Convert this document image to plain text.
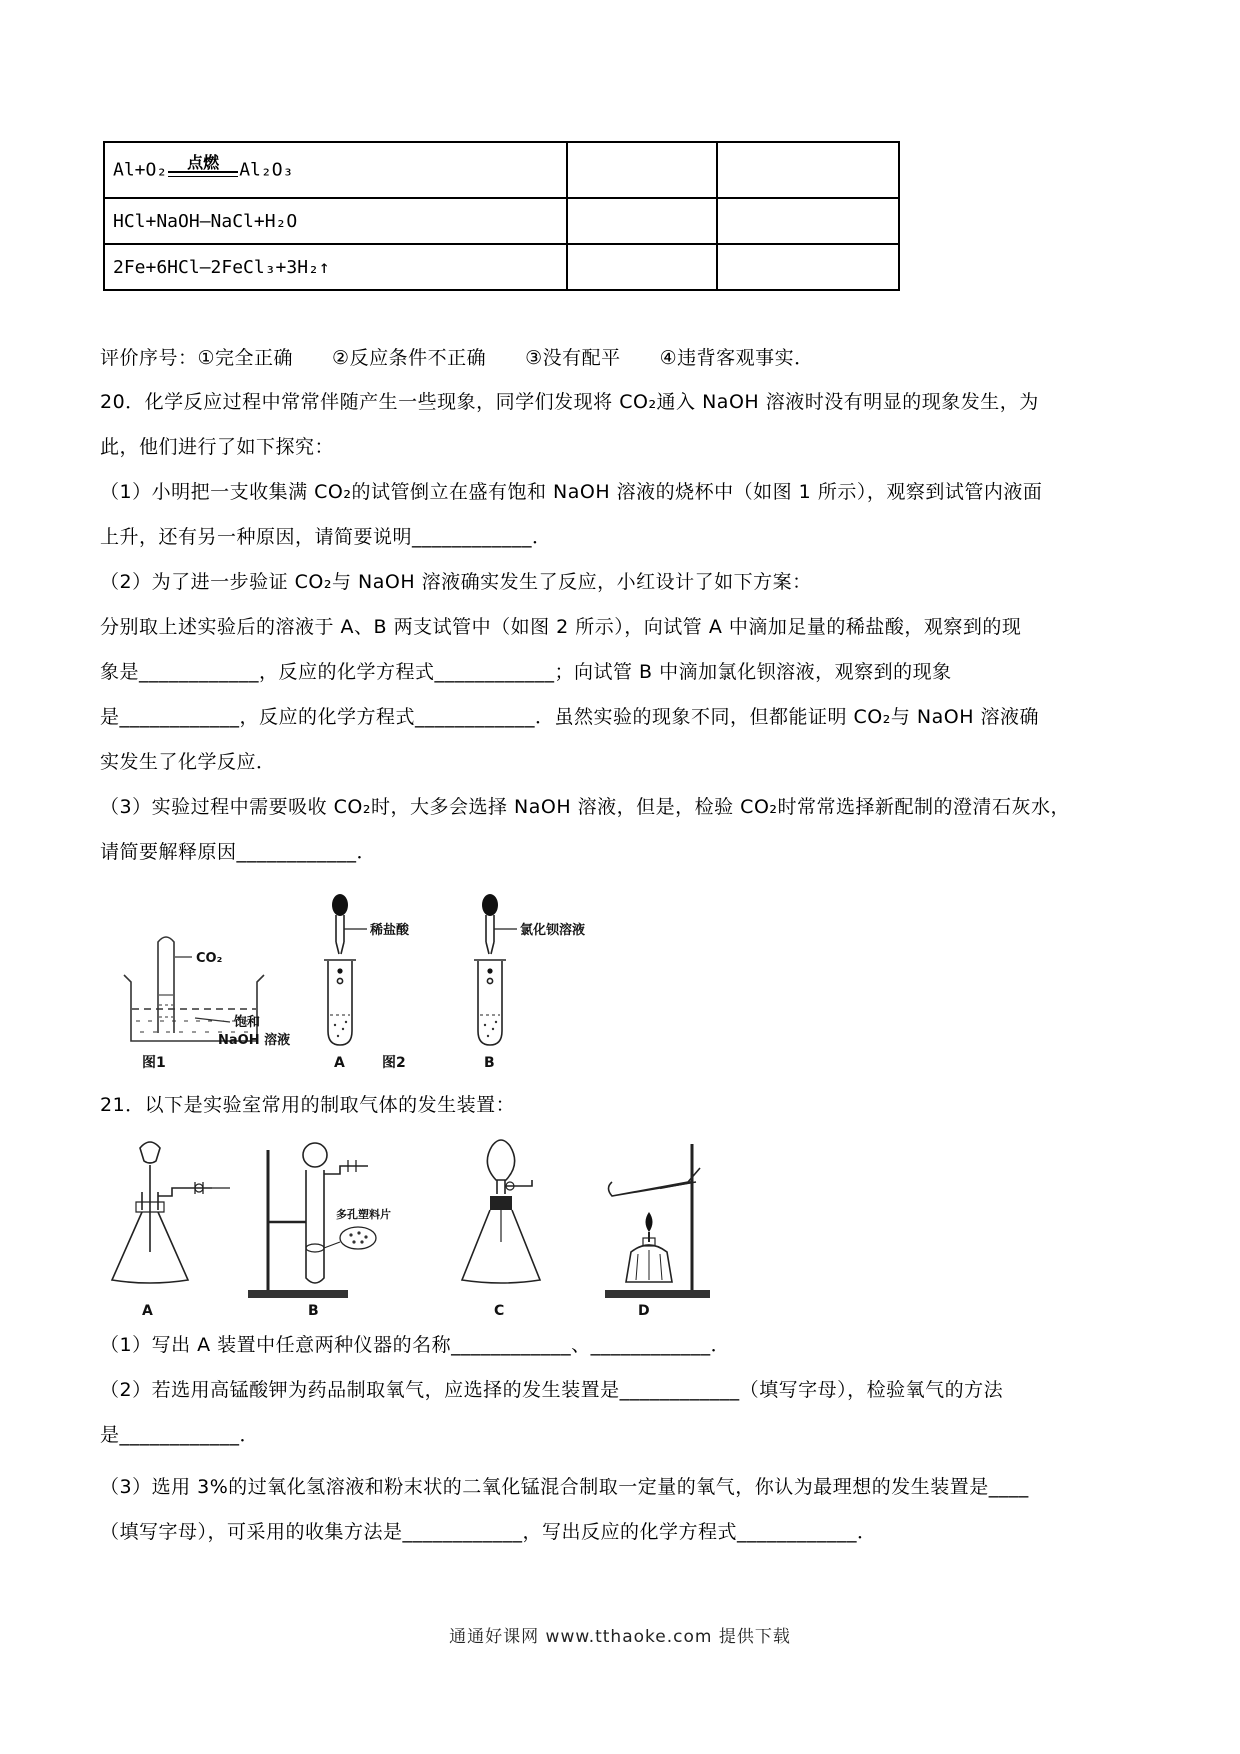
Al+O₂ 点燃 Al₂O₃		
HCl+NaOH—NaCl+H₂O		
2Fe+6HCl—2FeCl₃+3H₂↑		
评价序号：①完全正确　　②反应条件不正确　　③没有配平　　④违背客观事实．
20．化学反应过程中常常伴随产生一些现象，同学们发现将 CO₂通入 NaOH 溶液时没有明显的现象发生，为
此，他们进行了如下探究：
（1）小明把一支收集满 CO₂的试管倒立在盛有饱和 NaOH 溶液的烧杯中（如图 1 所示），观察到试管内液面
上升，还有另一种原因，请简要说明____________．
（2）为了进一步验证 CO₂与 NaOH 溶液确实发生了反应，小红设计了如下方案：
分别取上述实验后的溶液于 A、B 两支试管中（如图 2 所示），向试管 A 中滴加足量的稀盐酸，观察到的现
象是____________，反应的化学方程式____________；向试管 B 中滴加氯化钡溶液，观察到的现象
是____________，反应的化学方程式____________．虽然实验的现象不同，但都能证明 CO₂与 NaOH 溶液确
实发生了化学反应．
（3）实验过程中需要吸收 CO₂时，大多会选择 NaOH 溶液，但是，检验 CO₂时常常选择新配制的澄清石灰水，
请简要解释原因____________．
CO₂
饱和
NaOH 溶液
图1
稀盐酸
A	图2
氯化钡溶液
B
21．以下是实验室常用的制取气体的发生装置：
A
多孔塑料片
B	C	D
（1）写出 A 装置中任意两种仪器的名称____________、____________．
（2）若选用高锰酸钾为药品制取氧气，应选择的发生装置是____________（填写字母），检验氧气的方法
是____________．
（3）选用 3%的过氧化氢溶液和粉末状的二氧化锰混合制取一定量的氧气，你认为最理想的发生装置是____
（填写字母），可采用的收集方法是____________，写出反应的化学方程式____________．
通通好课网 www.tthaoke.com 提供下载
